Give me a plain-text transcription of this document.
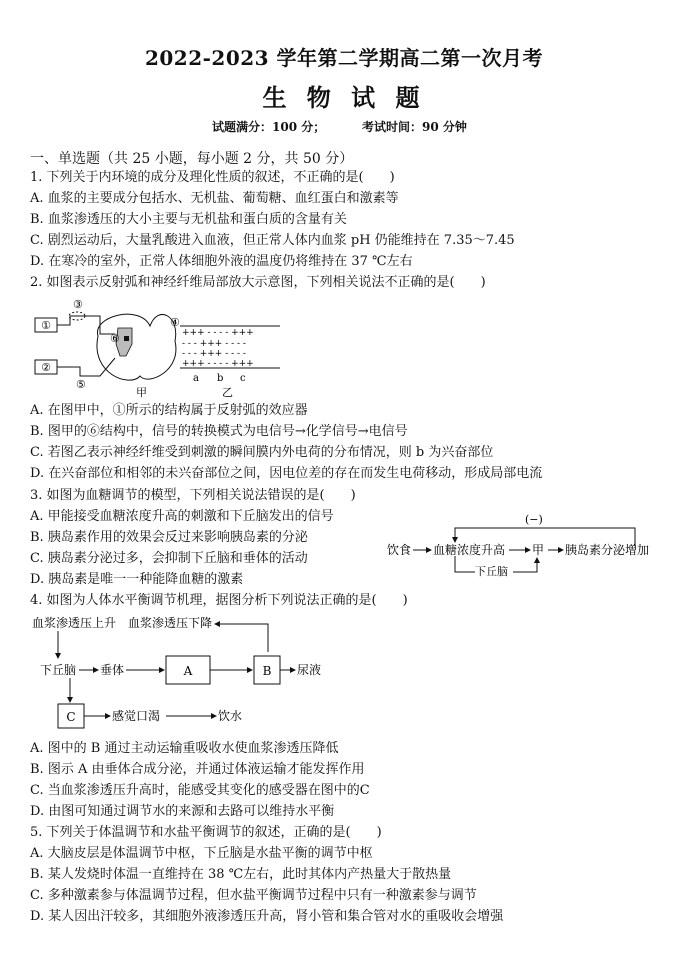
2022-2023 学年第二学期高二第一次月考
生 物 试 题
试题满分：100 分；	考试时间：90 分钟
一、单选题（共 25 小题，每小题 2 分，共 50 分）
1. 下列关于内环境的成分及理化性质的叙述，不正确的是(　　)
A. 血浆的主要成分包括水、无机盐、葡萄糖、血红蛋白和激素等
B. 血浆渗透压的大小主要与无机盐和蛋白质的含量有关
C. 剧烈运动后，大量乳酸进入血液，但正常人体内血浆 pH 仍能维持在 7.35～7.45
D. 在寒冷的室外，正常人体细胞外液的温度仍将维持在 37 ℃左右
2. 如图表示反射弧和神经纤维局部放大示意图，下列相关说法不正确的是(　　)
①
②
③
⑥
④
⑤
甲
+++ - - - - +++
- - - +++ - - - -
- - - +++ - - - -
+++ - - - - +++
a b c
乙
A. 在图甲中，①所示的结构属于反射弧的效应器
B. 图甲的⑥结构中，信号的转换模式为电信号→化学信号→电信号
C. 若图乙表示神经纤维受到刺激的瞬间膜内外电荷的分布情况，则 b 为兴奋部位
D. 在兴奋部位和相邻的未兴奋部位之间，因电位差的存在而发生电荷移动，形成局部电流
3. 如图为血糖调节的模型，下列相关说法错误的是(　　)
A. 甲能接受血糖浓度升高的刺激和下丘脑发出的信号
B. 胰岛素作用的效果会反过来影响胰岛素的分泌
C. 胰岛素分泌过多，会抑制下丘脑和垂体的活动
D. 胰岛素是唯一一种能降血糖的激素
(−)
饮食 血糖浓度升高 甲 胰岛素分泌增加
下丘脑
4. 如图为人体水平衡调节机理，据图分析下列说法正确的是(　　)
血浆渗透压上升 血浆渗透压下降
下丘脑 垂体	A	B 尿液
C	感觉口渴	饮水
A. 图中的 B 通过主动运输重吸收水使血浆渗透压降低
B. 图示 A 由垂体合成分泌，并通过体液运输才能发挥作用
C. 当血浆渗透压升高时，能感受其变化的感受器在图中的C
D. 由图可知通过调节水的来源和去路可以维持水平衡
5. 下列关于体温调节和水盐平衡调节的叙述，正确的是(　　)
A. 大脑皮层是体温调节中枢，下丘脑是水盐平衡的调节中枢
B. 某人发烧时体温一直维持在 38 ℃左右，此时其体内产热量大于散热量
C. 多种激素参与体温调节过程，但水盐平衡调节过程中只有一种激素参与调节
D. 某人因出汗较多，其细胞外液渗透压升高，肾小管和集合管对水的重吸收会增强
